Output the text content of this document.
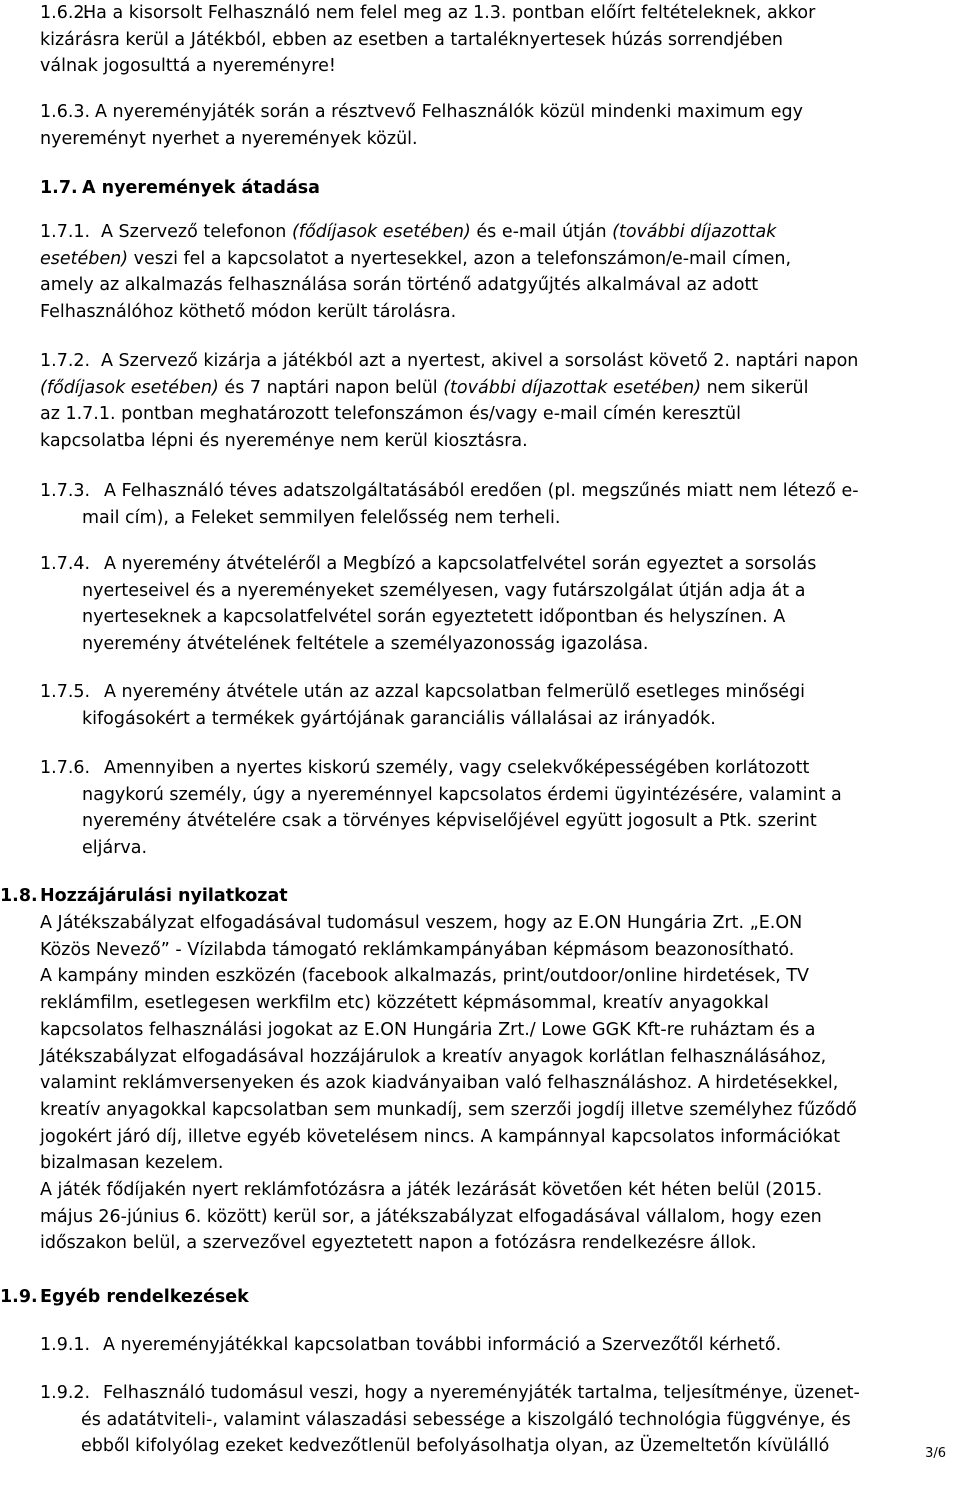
1.6.2.
Ha a kisorsolt Felhasználó nem felel meg az 1.3. pontban előírt feltételeknek, akkor
kizárásra kerül a Játékból, ebben az esetben a tartaléknyertesek húzás sorrendjében
válnak jogosulttá a nyereményre!
1.6.3. A nyereményjáték során a résztvevő Felhasználók közül mindenki maximum egy
nyereményt nyerhet a nyeremények közül.
1.7. A nyeremények átadása
1.7.1. A Szervező telefonon (fődíjasok esetében) és e-mail útján (további díjazottak
esetében) veszi fel a kapcsolatot a nyertesekkel, azon a telefonszámon/e-mail címen,
amely az alkalmazás felhasználása során történő adatgyűjtés alkalmával az adott
Felhasználóhoz köthető módon került tárolásra.
1.7.2. A Szervező kizárja a játékból azt a nyertest, akivel a sorsolást követő 2. naptári napon
(fődíjasok esetében) és 7 naptári napon belül (további díjazottak esetében) nem sikerül
az 1.7.1. pontban meghatározott telefonszámon és/vagy e-mail címén keresztül
kapcsolatba lépni és nyereménye nem kerül kiosztásra.
1.7.3. A Felhasználó téves adatszolgáltatásából eredően (pl. megszűnés miatt nem létező e-
mail cím), a Feleket semmilyen felelősség nem terheli.
1.7.4. A nyeremény átvételéről a Megbízó a kapcsolatfelvétel során egyeztet a sorsolás
nyerteseivel és a nyereményeket személyesen, vagy futárszolgálat útján adja át a
nyerteseknek a kapcsolatfelvétel során egyeztetett időpontban és helyszínen. A
nyeremény átvételének feltétele a személyazonosság igazolása.
1.7.5. A nyeremény átvétele után az azzal kapcsolatban felmerülő esetleges minőségi
kifogásokért a termékek gyártójának garanciális vállalásai az irányadók.
1.7.6. Amennyiben a nyertes kiskorú személy, vagy cselekvőképességében korlátozott
nagykorú személy, úgy a nyereménnyel kapcsolatos érdemi ügyintézésére, valamint a
nyeremény átvételére csak a törvényes képviselőjével együtt jogosult a Ptk. szerint
eljárva.
1.8. Hozzájárulási nyilatkozat
A Játékszabályzat elfogadásával tudomásul veszem, hogy az E.ON Hungária Zrt. „E.ON
Közös Nevező” - Vízilabda támogató reklámkampányában képmásom beazonosítható.
A kampány minden eszközén (facebook alkalmazás, print/outdoor/online hirdetések, TV
reklámfilm, esetlegesen werkfilm etc) közzétett képmásommal, kreatív anyagokkal
kapcsolatos felhasználási jogokat az E.ON Hungária Zrt./ Lowe GGK Kft-re ruháztam és a
Játékszabályzat elfogadásával hozzájárulok a kreatív anyagok korlátlan felhasználásához,
valamint reklámversenyeken és azok kiadványaiban való felhasználáshoz. A hirdetésekkel,
kreatív anyagokkal kapcsolatban sem munkadíj, sem szerzői jogdíj illetve személyhez fűződő
jogokért járó díj, illetve egyéb követelésem nincs. A kampánnyal kapcsolatos információkat
bizalmasan kezelem.
A játék fődíjakén nyert reklámfotózásra a játék lezárását követően két héten belül (2015.
május 26-június 6. között) kerül sor, a játékszabályzat elfogadásával vállalom, hogy ezen
időszakon belül, a szervezővel egyeztetett napon a fotózásra rendelkezésre állok.
1.9. Egyéb rendelkezések
1.9.1. A nyereményjátékkal kapcsolatban további információ a Szervezőtől kérhető.
1.9.2. Felhasználó tudomásul veszi, hogy a nyereményjáték tartalma, teljesítménye, üzenet-
és adatátviteli-, valamint válaszadási sebessége a kiszolgáló technológia függvénye, és
ebből kifolyólag ezeket kedvezőtlenül befolyásolhatja olyan, az Üzemeltetőn kívülálló	3/6
